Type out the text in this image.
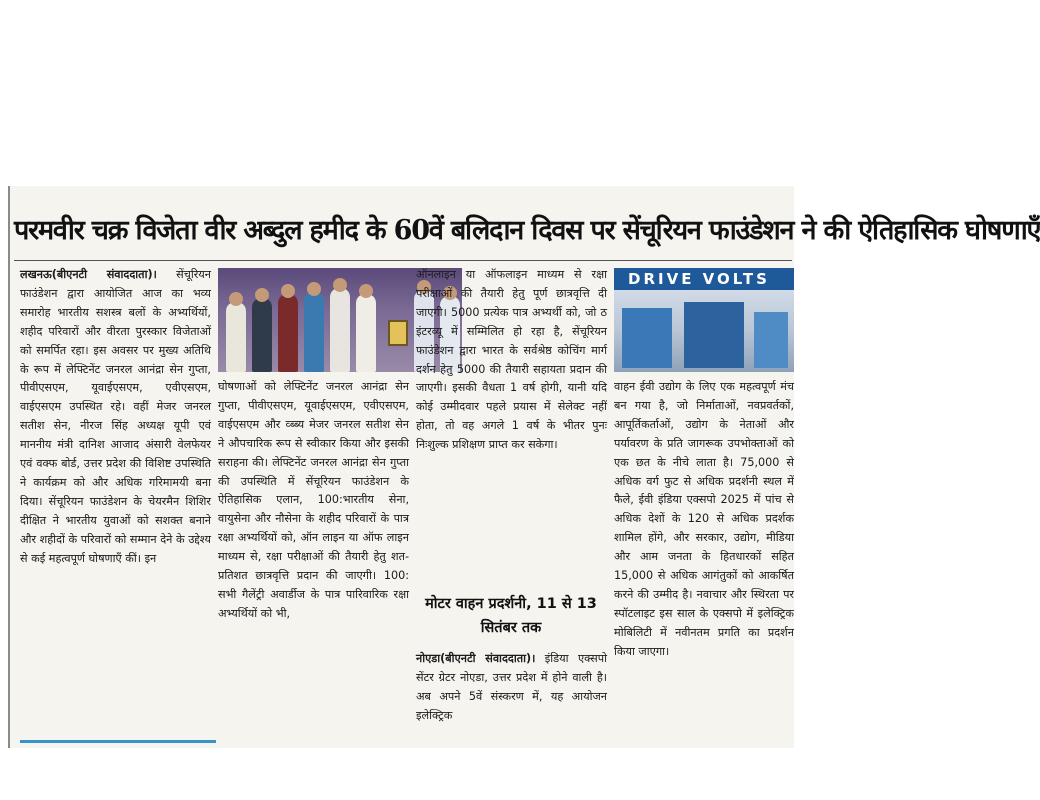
परमवीर चक्र विजेता वीर अब्दुल हमीद के 60वें बलिदान दिवस पर सेंचूरियन फाउंडेशन ने की ऐतिहासिक घोषणाएँ

लखनऊ(बीएनटी संवाददाता)। सेंचूरियन फाउंडेशन द्वारा आयोजित आज का भव्य समारोह भारतीय सशस्त्र बलों के अभ्यर्थियों, शहीद परिवारों और वीरता पुरस्कार विजेताओं को समर्पित रहा। इस अवसर पर मुख्य अतिथि के रूप में लेफ्टिनेंट जनरल आनंद्रा सेन गुप्ता, पीवीएसएम, यूवाईएसएम, एवीएसएम, वाईएसएम उपस्थित रहे। वहीं मेजर जनरल सतीश सेन, नीरज सिंह अध्यक्ष यूपी एवं माननीय मंत्री दानिश आजाद अंसारी वेलफेयर एवं वक्फ बोर्ड, उत्तर प्रदेश की विशिष्ट उपस्थिति ने कार्यक्रम को और अधिक गरिमामयी बना दिया। सेंचूरियन फाउंडेशन के चेयरमैन शिशिर दीक्षित ने भारतीय युवाओं को सशक्त बनाने और शहीदों के परिवारों को सम्मान देने के उद्देश्य से कई महत्वपूर्ण घोषणाएँ कीं। इन

घोषणाओं को लेफ्टिनेंट जनरल आनंद्रा सेन गुप्ता, पीवीएसएम, यूवाईएसएम, एवीएसएम, वाईएसएम और व्ब्ब्य मेजर जनरल सतीश सेन ने औपचारिक रूप से स्वीकार किया और इसकी सराहना की। लेफ्टिनेंट जनरल आनंद्रा सेन गुप्ता की उपस्थिति में सेंचूरियन फाउंडेशन के ऐतिहासिक एलान, 100:भारतीय सेना, वायुसेना और नौसेना के शहीद परिवारों के पात्र रक्षा अभ्यर्थियों को, ऑन लाइन या ऑफ लाइन माध्यम से, रक्षा परीक्षाओं की तैयारी हेतु शत-प्रतिशत छात्रवृत्ति प्रदान की जाएगी। 100: सभी गैलेंट्री अवार्डीज के पात्र पारिवारिक रक्षा अभ्यर्थियों को भी,

ऑनलाइन या ऑफलाइन माध्यम से रक्षा परीक्षाओं की तैयारी हेतु पूर्ण छात्रवृत्ति दी जाएगी। 5000 प्रत्येक पात्र अभ्यर्थी को, जो ठ इंटरव्यू में सम्मिलित हो रहा है, सेंचूरियन फाउंडेशन द्वारा भारत के सर्वश्रेष्ठ कोचिंग मार्ग दर्शन हेतु 5000 की तैयारी सहायता प्रदान की जाएगी। इसकी वैधता 1 वर्ष होगी, यानी यदि कोई उम्मीदवार पहले प्रयास में सेलेक्ट नहीं होता, तो वह अगले 1 वर्ष के भीतर पुनः निःशुल्क प्रशिक्षण प्राप्त कर सकेगा।

मोटर वाहन प्रदर्शनी, 11 से 13 सितंबर तक

नोएडा(बीएनटी संवाददाता)। इंडिया एक्सपो सेंटर ग्रेटर नोएडा, उत्तर प्रदेश में होने वाली है। अब अपने 5वें संस्करण में, यह आयोजन इलेक्ट्रिक

DRIVE VOLTS

वाहन ईवी उद्योग के लिए एक महत्वपूर्ण मंच बन गया है, जो निर्माताओं, नवप्रवर्तकों, आपूर्तिकर्ताओं, उद्योग के नेताओं और पर्यावरण के प्रति जागरूक उपभोक्ताओं को एक छत के नीचे लाता है। 75,000 से अधिक वर्ग फुट से अधिक प्रदर्शनी स्थल में फैले, ईवी इंडिया एक्सपो 2025 में पांच से अधिक देशों के 120 से अधिक प्रदर्शक शामिल होंगे, और सरकार, उद्योग, मीडिया और आम जनता के हितधारकों सहित 15,000 से अधिक आगंतुकों को आकर्षित करने की उम्मीद है। नवाचार और स्थिरता पर स्पॉटलाइट इस साल के एक्सपो में इलेक्ट्रिक मोबिलिटी में नवीनतम प्रगति का प्रदर्शन किया जाएगा।
